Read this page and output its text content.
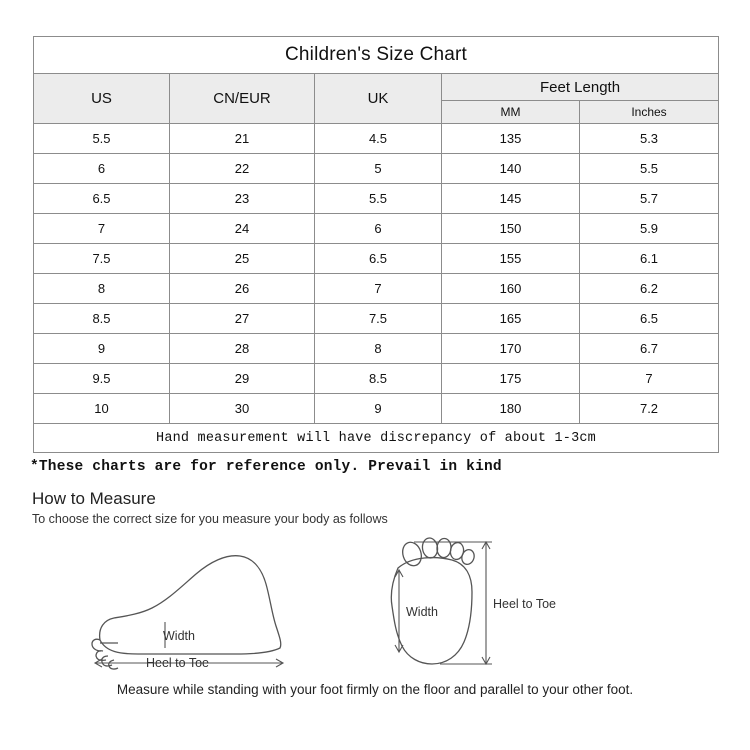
Children's Size Chart				
US	CN/EUR	UK	Feet Length	
			MM	Inches
5.5	21	4.5	135	5.3
6	22	5	140	5.5
6.5	23	5.5	145	5.7
7	24	6	150	5.9
7.5	25	6.5	155	6.1
8	26	7	160	6.2
8.5	27	7.5	165	6.5
9	28	8	170	6.7
9.5	29	8.5	175	7
10	30	9	180	7.2
Hand measurement will have discrepancy of about 1-3cm				
*These charts are for reference only. Prevail in kind
How to Measure
To choose the correct size for you measure your body as follows
Width
Heel to Toe
Width
Heel to Toe
Measure while standing with your foot firmly on the floor and parallel to your other foot.
